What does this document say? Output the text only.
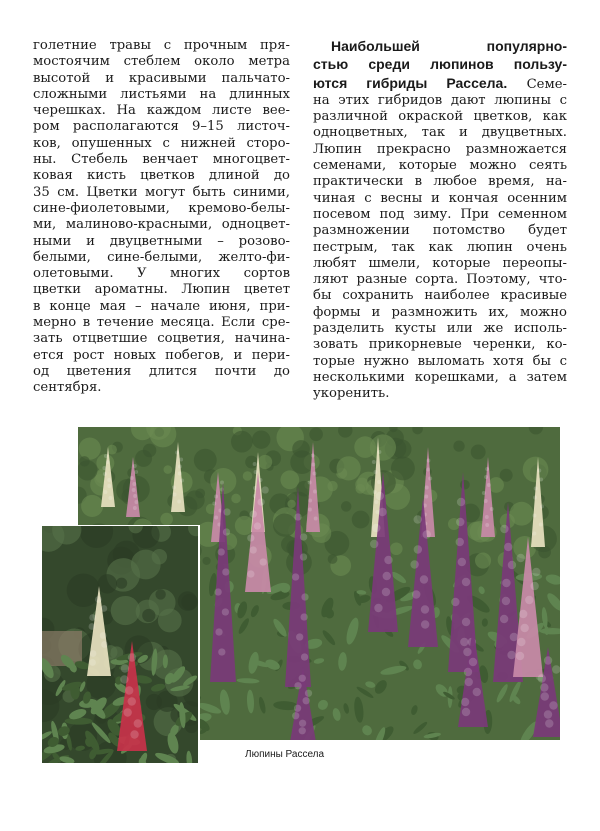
голетние травы с прочным пря-
мостоячим стеблем около метра
высотой и красивыми пальчато-
сложными листьями на длинных
черешках. На каждом листе вее-
ром располагаются 9–15 листоч-
ков, опушенных с нижней сторо-
ны. Стебель венчает многоцвет-
ковая кисть цветков длиной до
35 см. Цветки могут быть синими,
сине-фиолетовыми, кремово-белы-
ми, малиново-красными, одноцвет-
ными и двуцветными – розово-
белыми, сине-белыми, желто-фи-
олетовыми. У многих сортов
цветки ароматны. Люпин цветет
в конце мая – начале июня, при-
мерно в течение месяца. Если сре-
зать отцветшие соцветия, начина-
ется рост новых побегов, и пери-
од цветения длится почти до
сентября.
Наибольшей популярно-
стью среди люпинов пользу-
ются гибриды Рассела. Семе-
на этих гибридов дают люпины с
различной окраской цветков, как
одноцветных, так и двуцветных.
Люпин прекрасно размножается
семенами, которые можно сеять
практически в любое время, на-
чиная с весны и кончая осенним
посевом под зиму. При семенном
размножении потомство будет
пестрым, так как люпин очень
любят шмели, которые переопы-
ляют разные сорта. Поэтому, что-
бы сохранить наиболее красивые
формы и размножить их, можно
разделить кусты или же исполь-
зовать прикорневые черенки, ко-
торые нужно выломать хотя бы с
несколькими корешками, а затем
укоренить.
Люпины Рассела
